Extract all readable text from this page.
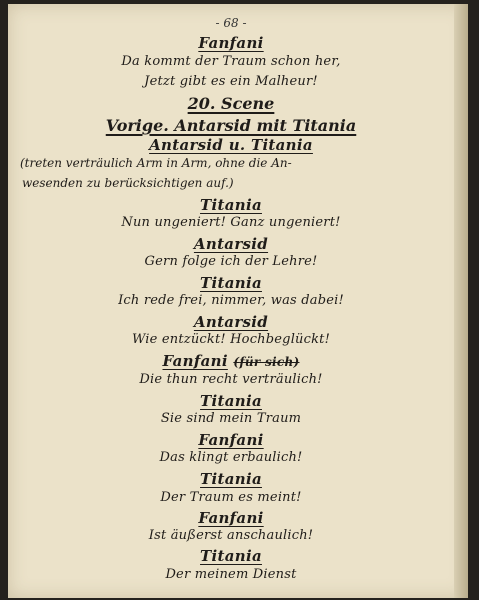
- 68 -
Fanfani
Da kommt der Traum schon her,
Jetzt gibt es ein Malheur!
20. Scene
Vorige. Antarsid mit Titania
Antarsid u. Titania
(treten verträulich Arm in Arm, ohne die An-
wesenden zu berücksichtigen auf.)
Titania
Nun ungeniert! Ganz ungeniert!
Antarsid
Gern folge ich der Lehre!
Titania
Ich rede frei, nimmer, was dabei!
Antarsid
Wie entzückt! Hochbeglückt!
Fanfani (für sich)
Die thun recht verträulich!
Titania
Sie sind mein Traum
Fanfani
Das klingt erbaulich!
Titania
Der Traum es meint!
Fanfani
Ist äußerst anschaulich!
Titania
Der meinem Dienst
